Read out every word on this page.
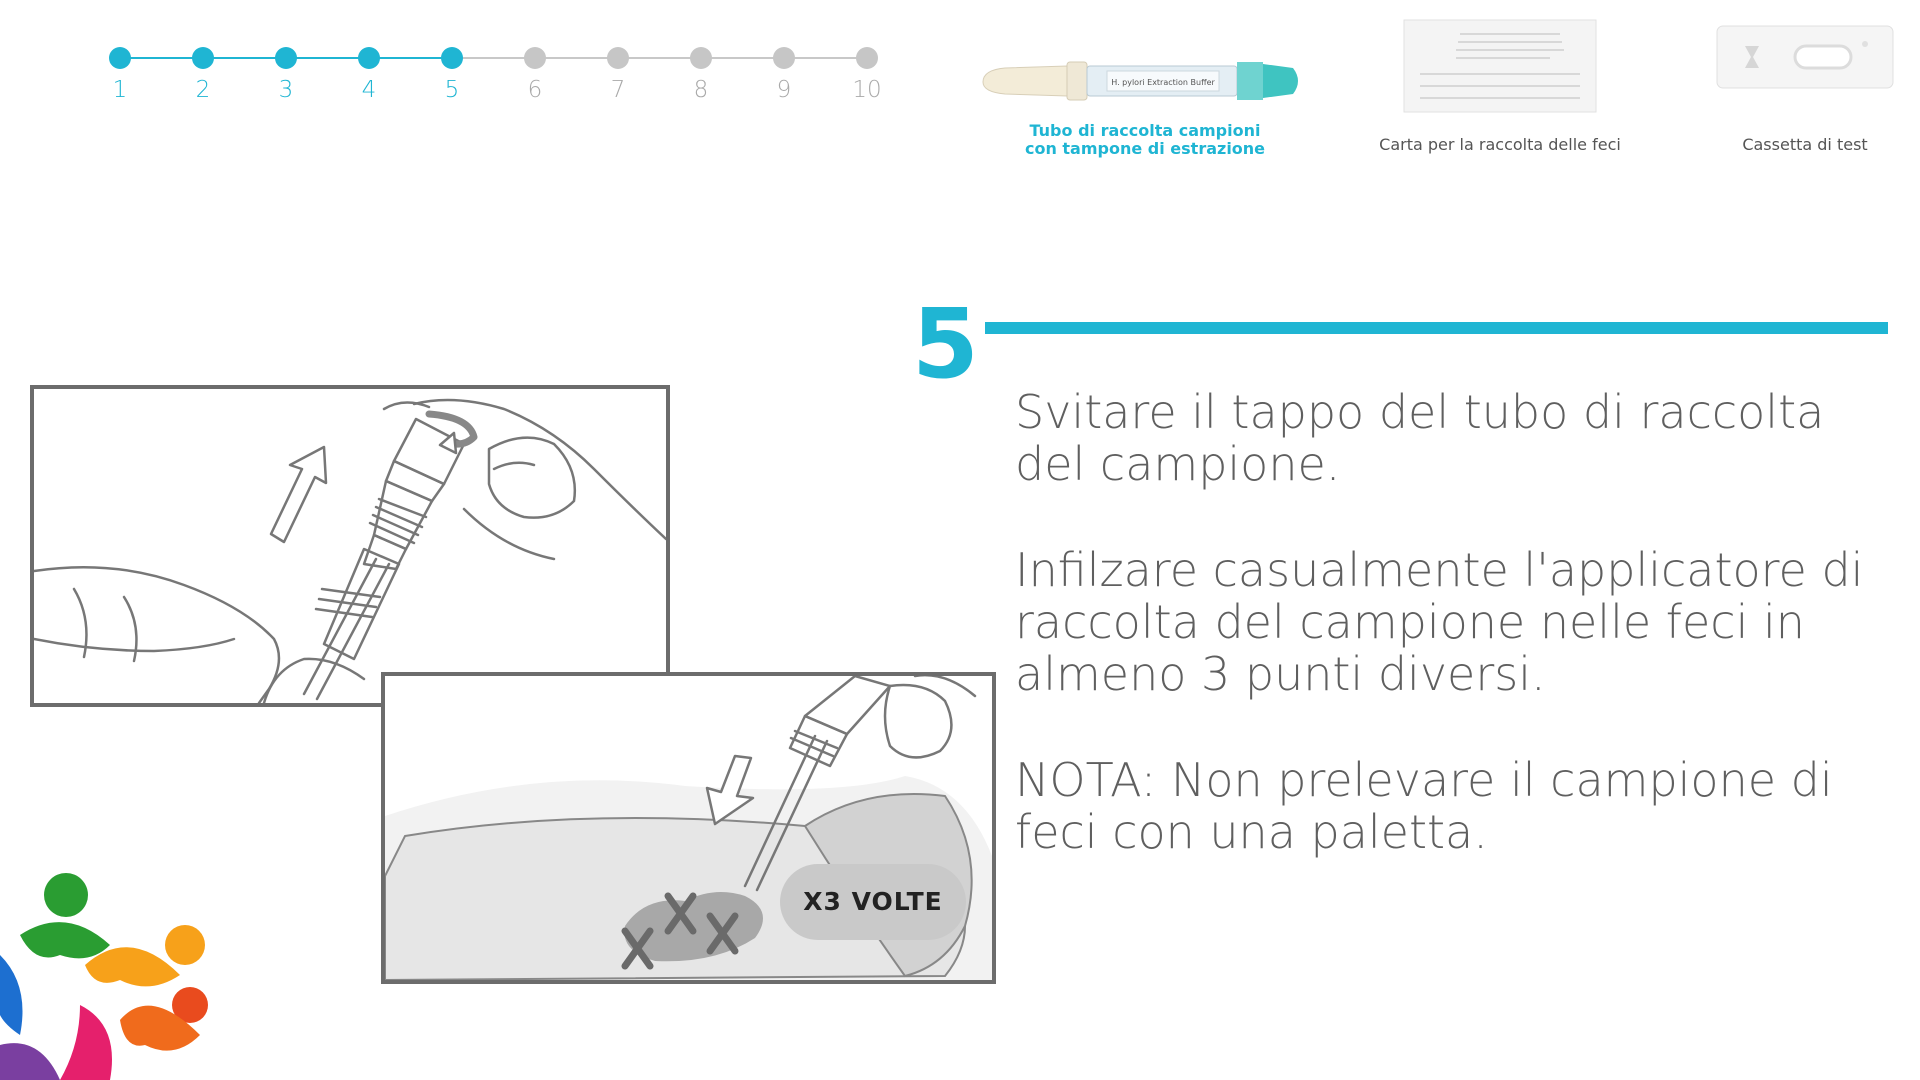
1	2	3	4	5	6	7	8	9	10	H. pylori Extraction Buffer
Tubo di raccolta campioni con tampone di estrazione	Carta per la raccolta delle feci	Cassetta di test
5

Svitare il tappo del tubo di raccolta del campione.

Infilzare casualmente l'applicatore di raccolta del campione nelle feci in almeno 3 punti diversi.

NOTA: Non prelevare il campione di feci con una paletta.

X3 VOLTE
